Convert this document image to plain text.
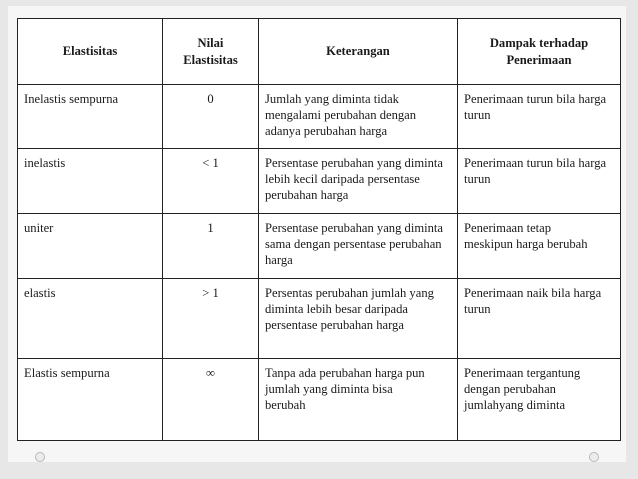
Elastisitas	Nilai Elastisitas	Keterangan	Dampak terhadap Penerimaan
Inelastis sempurna	0	Jumlah yang diminta tidak mengalami perubahan dengan adanya perubahan harga	Penerimaan turun bila harga turun
inelastis	< 1	Persentase perubahan yang diminta lebih kecil daripada persentase perubahan harga	Penerimaan turun bila harga turun
uniter	1	Persentase perubahan yang diminta sama dengan persentase perubahan harga	Penerimaan tetap meskipun harga berubah
elastis	> 1	Persentas perubahan jumlah yang diminta lebih besar daripada persentase perubahan harga	Penerimaan naik bila harga turun
Elastis sempurna	∞	Tanpa ada perubahan harga pun jumlah yang diminta bisa berubah	Penerimaan tergantung dengan perubahan jumlahyang diminta
